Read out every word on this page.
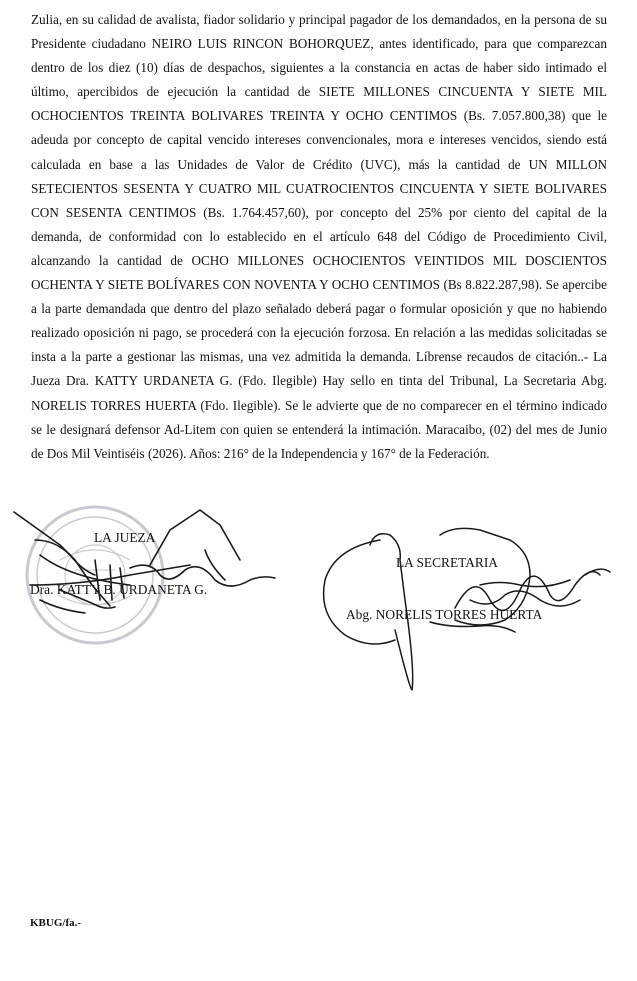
Zulia, en su calidad de avalista, fiador solidario y principal pagador de los demandados, en la persona de su Presidente ciudadano NEIRO LUIS RINCON BOHORQUEZ, antes identificado, para que comparezcan dentro de los diez (10) días de despachos, siguientes a la constancia en actas de haber sido intimado el último, apercibidos de ejecución la cantidad de SIETE MILLONES CINCUENTA Y SIETE MIL OCHOCIENTOS TREINTA BOLIVARES TREINTA Y OCHO CENTIMOS (Bs. 7.057.800,38) que le adeuda por concepto de capital vencido intereses convencionales, mora e intereses vencidos, siendo está calculada en base a las Unidades de Valor de Crédito (UVC), más la cantidad de UN MILLON SETECIENTOS SESENTA Y CUATRO MIL CUATROCIENTOS CINCUENTA Y SIETE BOLIVARES CON SESENTA CENTIMOS (Bs. 1.764.457,60), por concepto del 25% por ciento del capital de la demanda, de conformidad con lo establecido en el artículo 648 del Código de Procedimiento Civil, alcanzando la cantidad de OCHO MILLONES OCHOCIENTOS VEINTIDOS MIL DOSCIENTOS OCHENTA Y SIETE BOLÍVARES CON NOVENTA Y OCHO CENTIMOS (Bs 8.822.287,98). Se apercibe a la parte demandada que dentro del plazo señalado deberá pagar o formular oposición y que no habiendo realizado oposición ni pago, se procederá con la ejecución forzosa. En relación a las medidas solicitadas se insta a la parte a gestionar las mismas, una vez admitida la demanda. Líbrense recaudos de citación..- La Jueza Dra. KATTY URDANETA G. (Fdo. Ilegible) Hay sello en tinta del Tribunal, La Secretaria Abg. NORELIS TORRES HUERTA (Fdo. Ilegible). Se le advierte que de no comparecer en el término indicado se le designará defensor Ad-Litem con quien se entenderá la intimación. Maracaibo, (02) del mes de Junio de Dos Mil Veintiséis (2026). Años: 216° de la Independencia y 167° de la Federación.

LA JUEZA
Dra. KATTY B. URDANETA G.
LA SECRETARIA
Abg. NORELIS TORRES HUERTA
KBUG/fa.-
